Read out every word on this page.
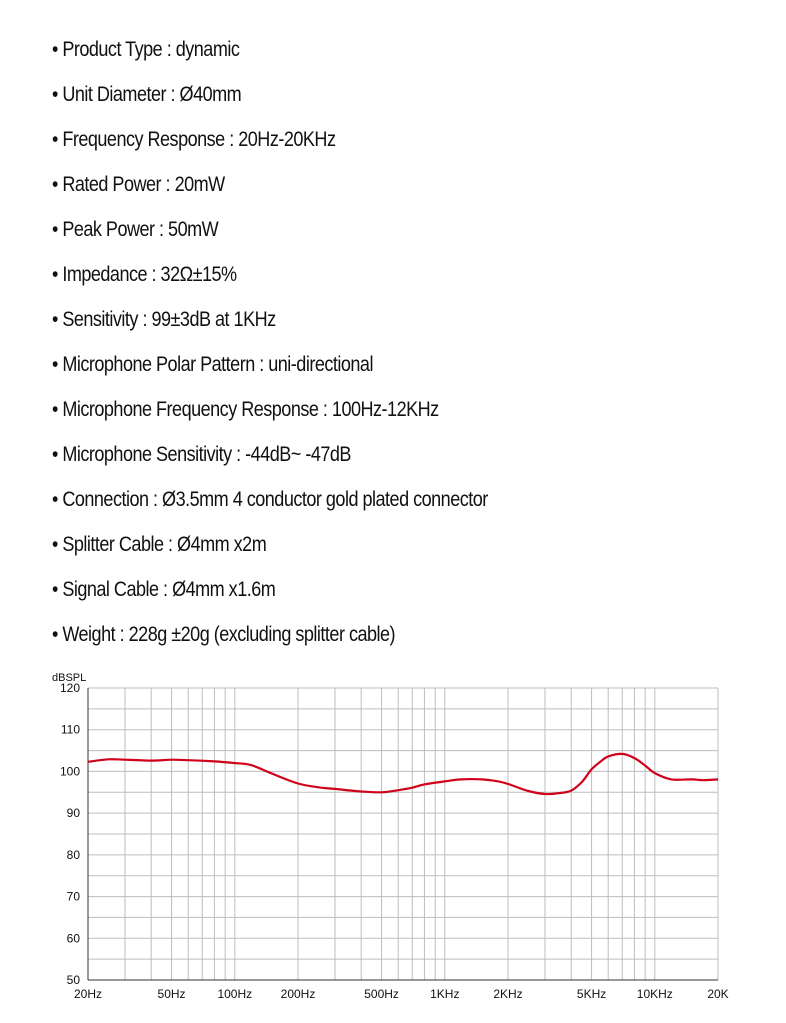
• Product Type : dynamic
• Unit Diameter : Ø40mm
• Frequency Response : 20Hz-20KHz
• Rated Power : 20mW
• Peak Power : 50mW
• Impedance : 32Ω±15%
• Sensitivity : 99±3dB at 1KHz
• Microphone Polar Pattern : uni-directional
• Microphone Frequency Response : 100Hz-12KHz
• Microphone Sensitivity : -44dB~ -47dB
• Connection : Ø3.5mm 4 conductor gold plated connector
• Splitter Cable : Ø4mm x2m
• Signal Cable : Ø4mm x1.6m
• Weight : 228g ±20g (excluding splitter cable)
50
60
70
80
90
100
110
120
20Hz	50Hz	100Hz 200Hz	500Hz	1KHz	2KHz	5KHz	10KHz	20K
dBSPL
